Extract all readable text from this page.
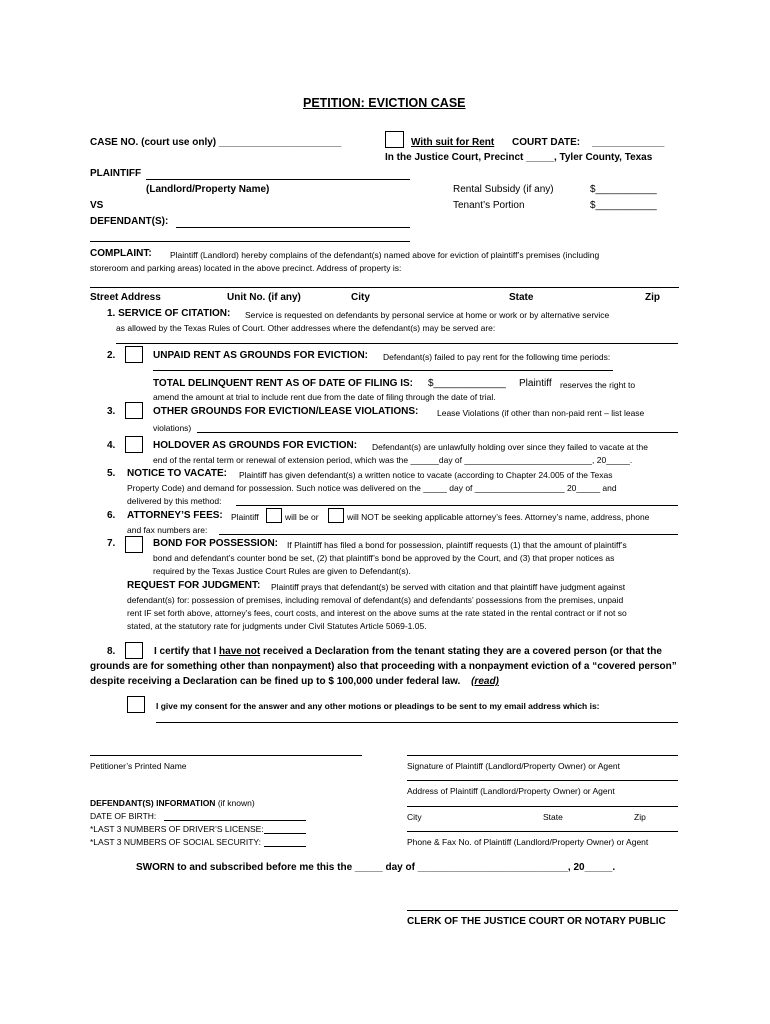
PETITION: EVICTION CASE
CASE NO. (court use only) ______________________	With suit for Rent COURT DATE: _____________
In the Justice Court, Precinct _____, Tyler County, Texas
PLAINTIFF
(Landlord/Property Name)	Rental Subsidy (if any)	$___________
VS	Tenant’s Portion	$___________
DEFENDANT(S):
COMPLAINT: Plaintiff (Landlord) hereby complains of the defendant(s) named above for eviction of plaintiff’s premises (including
storeroom and parking areas) located in the above precinct. Address of property is:
Street Address	Unit No. (if any)	City	State	Zip
1. SERVICE OF CITATION: Service is requested on defendants by personal service at home or work or by alternative service
as allowed by the Texas Rules of Court. Other addresses where the defendant(s) may be served are:
2.	UNPAID RENT AS GROUNDS FOR EVICTION: Defendant(s) failed to pay rent for the following time periods:
TOTAL DELINQUENT RENT AS OF DATE OF FILING IS: $_____________ Plaintiff reserves the right to
amend the amount at trial to include rent due from the date of filing through the date of trial.
3.	OTHER GROUNDS FOR EVICTION/LEASE VIOLATIONS: Lease Violations (if other than non-paid rent – list lease
violations)
4.	HOLDOVER AS GROUNDS FOR EVICTION: Defendant(s) are unlawfully holding over since they failed to vacate at the
end of the rental term or renewal of extension period, which was the ______day of ___________________________, 20_____.
5. NOTICE TO VACATE: Plaintiff has given defendant(s) a written notice to vacate (according to Chapter 24.005 of the Texas
Property Code) and demand for possession. Such notice was delivered on the _____ day of ___________________ 20_____ and
delivered by this method:
6. ATTORNEY’S FEES: Plaintiff	will be or	will NOT be seeking applicable attorney’s fees. Attorney’s name, address, phone
and fax numbers are:
7.	BOND FOR POSSESSION: If Plaintiff has filed a bond for possession, plaintiff requests (1) that the amount of plaintiff’s
bond and defendant’s counter bond be set, (2) that plaintiff’s bond be approved by the Court, and (3) that proper notices as
required by the Texas Justice Court Rules are given to Defendant(s).
REQUEST FOR JUDGMENT: Plaintiff prays that defendant(s) be served with citation and that plaintiff have judgment against
defendant(s) for: possession of premises, including removal of defendant(s) and defendants’ possessions from the premises, unpaid
rent IF set forth above, attorney’s fees, court costs, and interest on the above sums at the rate stated in the rental contract or if not so
stated, at the statutory rate for judgments under Civil Statutes Article 5069-1.05.
8.	I certify that I have not received a Declaration from the tenant stating they are a covered person (or that the
grounds are for something other than nonpayment) also that proceeding with a nonpayment eviction of a “covered person”
despite receiving a Declaration can be fined up to $ 100,000 under federal law. (read)
I give my consent for the answer and any other motions or pleadings to be sent to my email address which is:
Petitioner’s Printed Name	Signature of Plaintiff (Landlord/Property Owner) or Agent
Address of Plaintiff (Landlord/Property Owner) or Agent
DEFENDANT(S) INFORMATION (if known)
DATE OF BIRTH:
*LAST 3 NUMBERS OF DRIVER’S LICENSE:
*LAST 3 NUMBERS OF SOCIAL SECURITY:
City	State	Zip
Phone & Fax No. of Plaintiff (Landlord/Property Owner) or Agent
SWORN to and subscribed before me this the _____ day of ___________________________, 20_____.
CLERK OF THE JUSTICE COURT OR NOTARY PUBLIC
